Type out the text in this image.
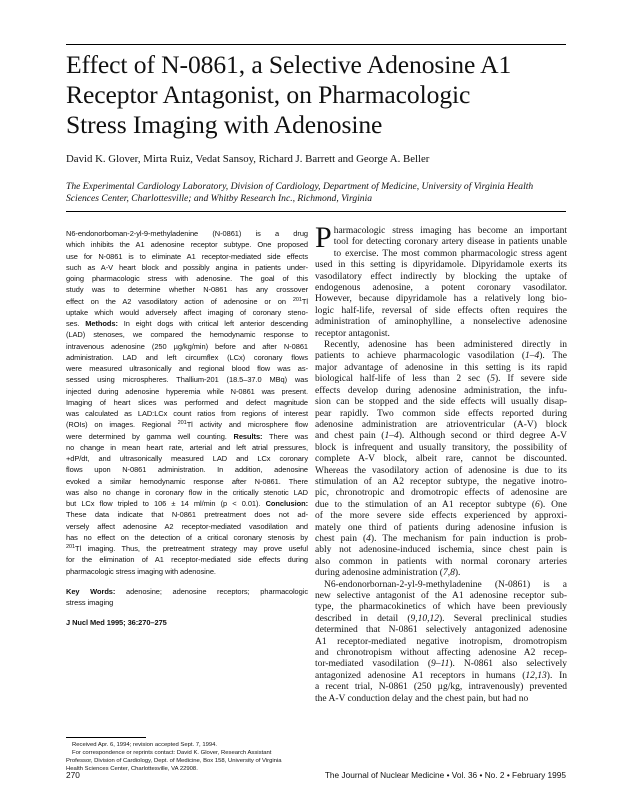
Effect of N-0861, a Selective Adenosine A1
Receptor Antagonist, on Pharmacologic
Stress Imaging with Adenosine

David K. Glover, Mirta Ruiz, Vedat Sansoy, Richard J. Barrett and George A. Beller

The Experimental Cardiology Laboratory, Division of Cardiology, Department of Medicine, University of Virginia Health
Sciences Center, Charlottesville; and Whitby Research Inc., Richmond, Virginia

N6-endonorboman-2-yl-9-methyladenine (N-0861) is a drug
which inhibits the A1 adenosine receptor subtype. One proposed
use for N-0861 is to eliminate A1 receptor-mediated side effects
such as A-V heart block and possibly angina in patients under-
going pharmacologic stress with adenosine. The goal of this
study was to determine whether N-0861 has any crossover
effect on the A2 vasodilatory action of adenosine or on $^{201}$Tl
uptake which would adversely affect imaging of coronary steno-
ses. Methods: In eight dogs with critical left anterior descending
(LAD) stenoses, we compared the hemodynamic response to
intravenous adenosine (250 µg/kg/min) before and after N-0861
administration. LAD and left circumflex (LCx) coronary flows
were measured ultrasonically and regional blood flow was as-
sessed using microspheres. Thallium-201 (18.5–37.0 MBq) was
injected during adenosine hyperemia while N-0861 was present.
Imaging of heart slices was performed and defect magnitude
was calculated as LAD:LCx count ratios from regions of interest
(ROIs) on images. Regional $^{201}$Tl activity and microsphere flow
were determined by gamma well counting. Results: There was
no change in mean heart rate, arterial and left atrial pressures,
+dP/dt, and ultrasonically measured LAD and LCx coronary
flows upon N-0861 administration. In addition, adenosine
evoked a similar hemodynamic response after N-0861. There
was also no change in coronary flow in the critically stenotic LAD
but LCx flow tripled to 106 ± 14 ml/min (p < 0.01). Conclusion:
These data indicate that N-0861 pretreatment does not ad-
versely affect adenosine A2 receptor-mediated vasodilation and
has no effect on the detection of a critical coronary stenosis by
$^{201}$Tl imaging. Thus, the pretreatment strategy may prove useful
for the elimination of A1 receptor-mediated side effects during
pharmacologic stress imaging with adenosine.

Key Words: adenosine; adenosine receptors; pharmacologic
stress imaging

J Nucl Med 1995; 36:270–275

Received Apr. 6, 1994; revision accepted Sept. 7, 1994.
For correspondence or reprints contact: David K. Glover, Research Assistant
Professor, Division of Cardiology, Dept. of Medicine, Box 158, University of Virginia
Health Sciences Center, Charlottesville, VA 22908.
P harmacologic stress imaging has become an important
tool for detecting coronary artery disease in patients unable
to exercise. The most common pharmacologic stress agent
used in this setting is dipyridamole. Dipyridamole exerts its
vasodilatory effect indirectly by blocking the uptake of
endogenous adenosine, a potent coronary vasodilator.
However, because dipyridamole has a relatively long bio-
logic half-life, reversal of side effects often requires the
administration of aminophylline, a nonselective adenosine
receptor antagonist.
Recently, adenosine has been administered directly in
patients to achieve pharmacologic vasodilation (1–4). The
major advantage of adenosine in this setting is its rapid
biological half-life of less than 2 sec (5). If severe side
effects develop during adenosine administration, the infu-
sion can be stopped and the side effects will usually disap-
pear rapidly. Two common side effects reported during
adenosine administration are atrioventricular (A-V) block
and chest pain (1–4). Although second or third degree A-V
block is infrequent and usually transitory, the possibility of
complete A-V block, albeit rare, cannot be discounted.
Whereas the vasodilatory action of adenosine is due to its
stimulation of an A2 receptor subtype, the negative inotro-
pic, chronotropic and dromotropic effects of adenosine are
due to the stimulation of an A1 receptor subtype (6). One
of the more severe side effects experienced by approxi-
mately one third of patients during adenosine infusion is
chest pain (4). The mechanism for pain induction is prob-
ably not adenosine-induced ischemia, since chest pain is
also common in patients with normal coronary arteries
during adenosine administration (7,8).
N6-endonorbornan-2-yl-9-methyladenine (N-0861) is a
new selective antagonist of the A1 adenosine receptor sub-
type, the pharmacokinetics of which have been previously
described in detail (9,10,12). Several preclinical studies
determined that N-0861 selectively antagonized adenosine
A1 receptor-mediated negative inotropism, dromotropism
and chronotropism without affecting adenosine A2 recep-
tor-mediated vasodilation (9–11). N-0861 also selectively
antagonized adenosine A1 receptors in humans (12,13). In
a recent trial, N-0861 (250 µg/kg, intravenously) prevented
the A-V conduction delay and the chest pain, but had no
270	The Journal of Nuclear Medicine • Vol. 36 • No. 2 • February 1995
